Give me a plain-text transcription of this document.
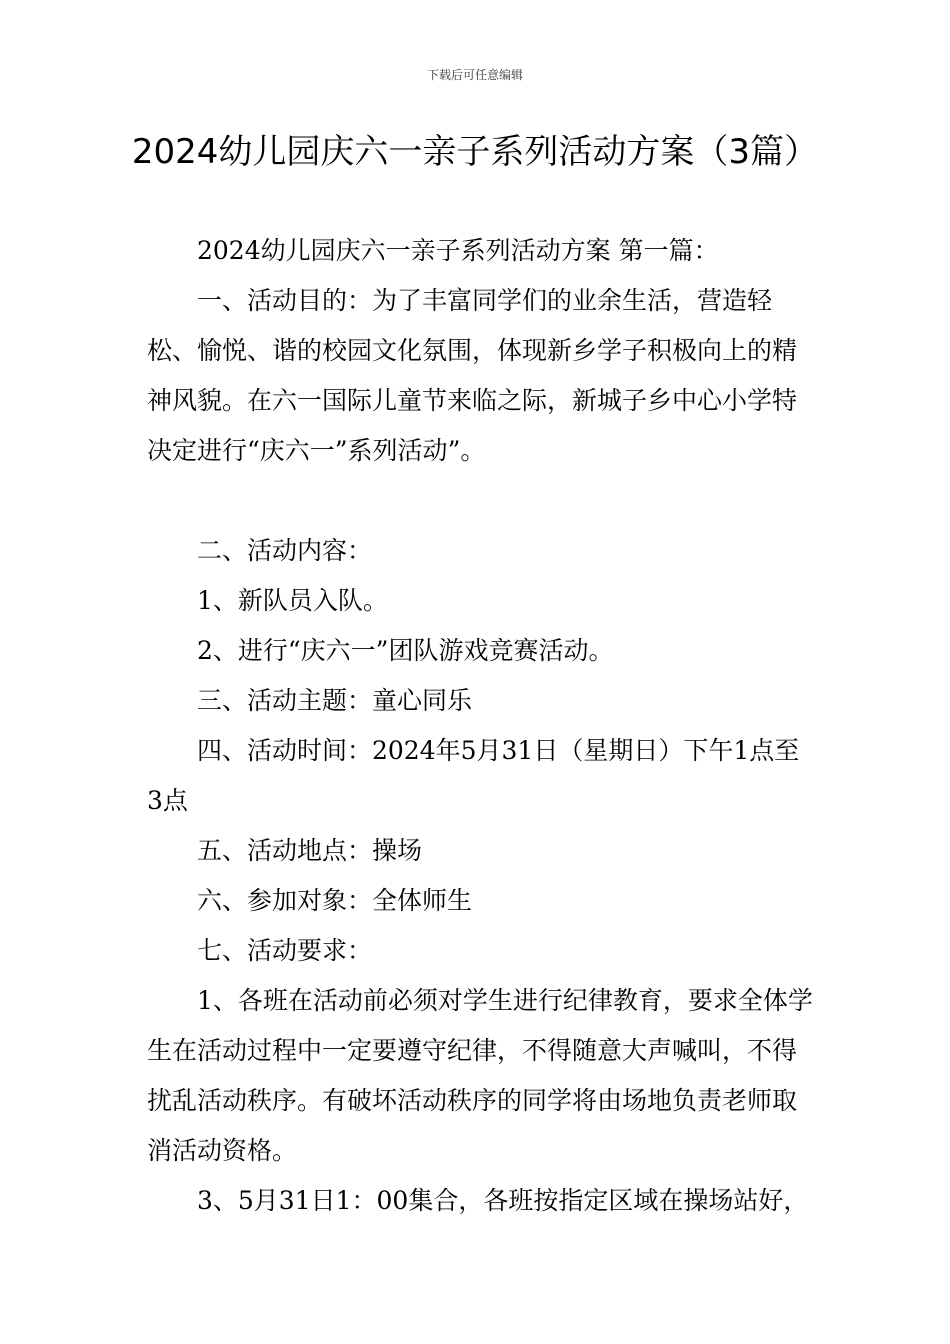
下载后可任意编辑
2024幼儿园庆六一亲子系列活动方案（3篇）

2024幼儿园庆六一亲子系列活动方案 第一篇：

一、活动目的：为了丰富同学们的业余生活，营造轻松、愉悦、谐的校园文化氛围，体现新乡学子积极向上的精神风貌。在六一国际儿童节来临之际，新城子乡中心小学特决定进行“庆六一”系列活动”。

二、活动内容：

1、新队员入队。

2、进行“庆六一”团队游戏竞赛活动。

三、活动主题：童心同乐

四、活动时间：2024年5月31日（星期日）下午1点至3点

五、活动地点：操场

六、参加对象：全体师生

七、活动要求：

1、各班在活动前必须对学生进行纪律教育，要求全体学生在活动过程中一定要遵守纪律，不得随意大声喊叫，不得扰乱活动秩序。有破坏活动秩序的同学将由场地负责老师取消活动资格。

3、5月31日1：00集合，各班按指定区域在操场站好，
